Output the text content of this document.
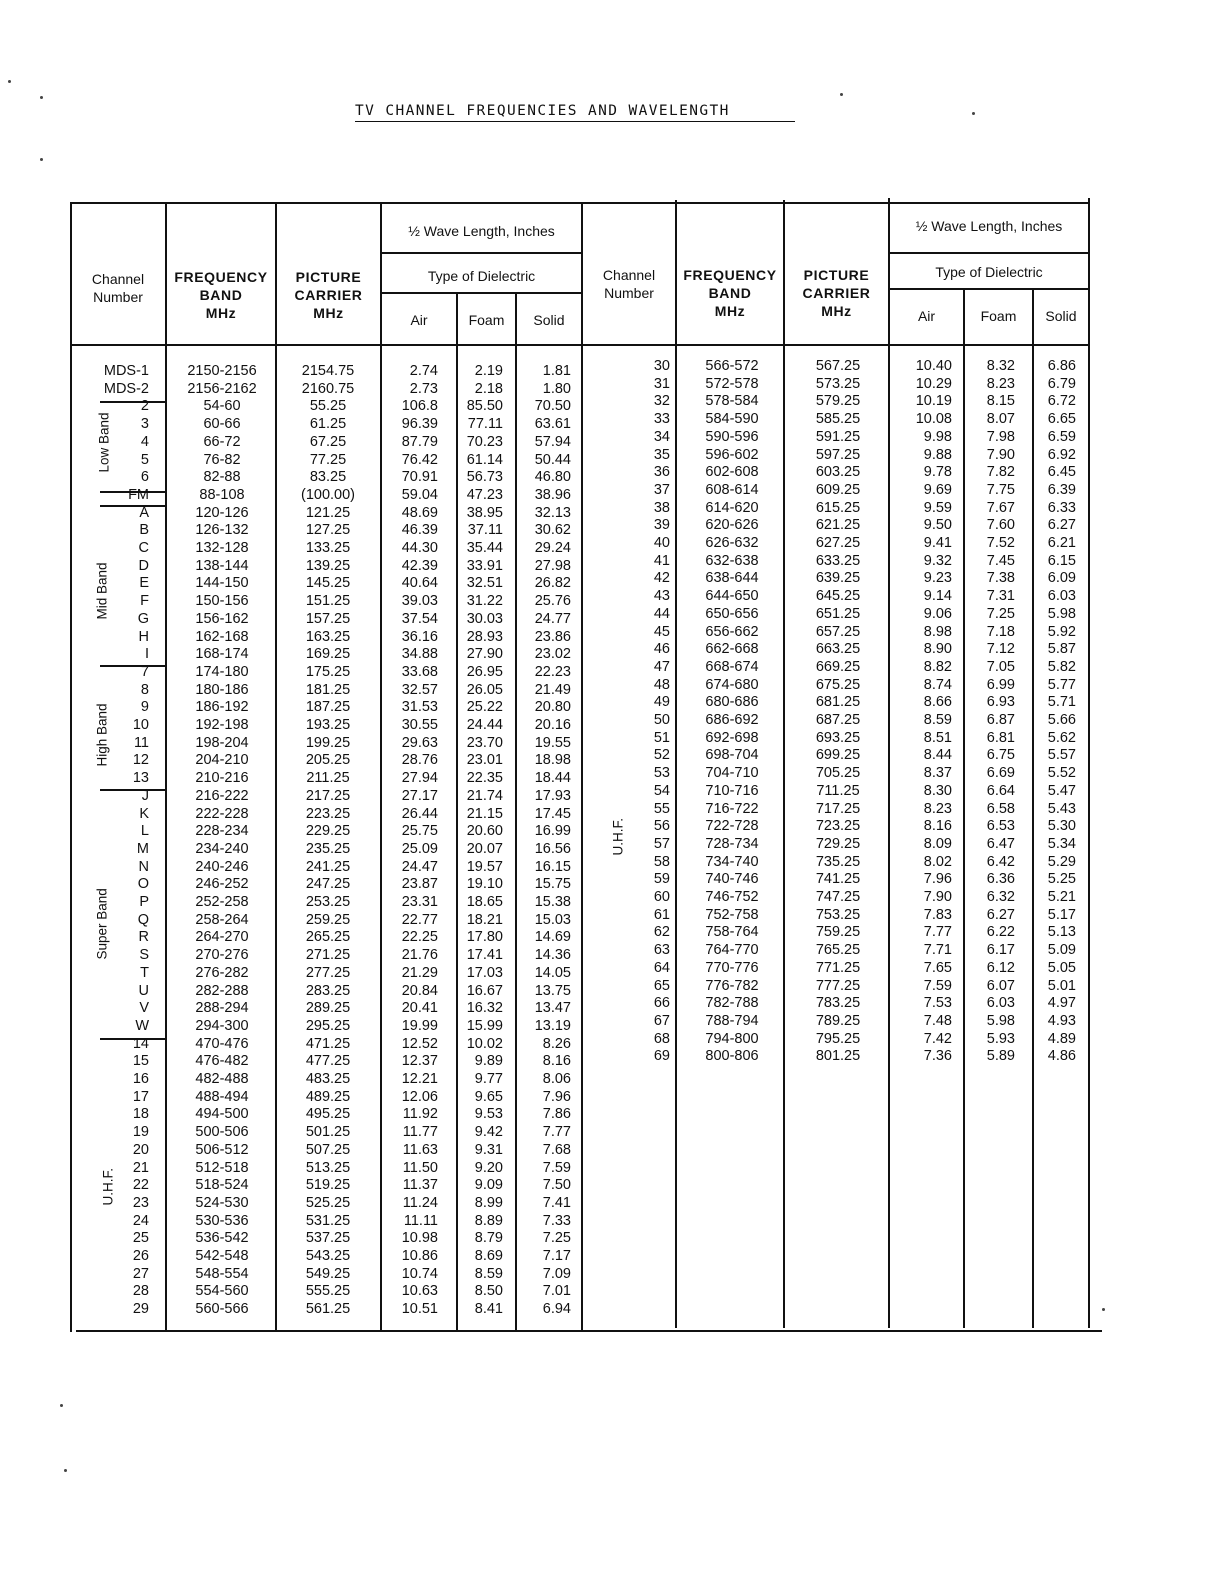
TV CHANNEL FREQUENCIES AND WAVELENGTH
Channel
Number
FREQUENCY
BAND
MHz
PICTURE
CARRIER
MHz
½ Wave Length, Inches
Type of Dielectric
Air	Foam	Solid
Channel
Number
FREQUENCY
BAND
MHz
PICTURE
CARRIER
MHz
½ Wave Length, Inches
Type of Dielectric
Air	Foam	Solid
Low Band
Mid Band
High Band
Super Band
U.H.F.
U.H.F.
MDS-1	2150-2156	2154.75	2.74	2.19	1.81
MDS-2	2156-2162	2160.75	2.73	2.18	1.80
2	54-60	55.25	106.8	85.50	70.50
3	60-66	61.25	96.39	77.11	63.61
4	66-72	67.25	87.79	70.23	57.94
5	76-82	77.25	76.42	61.14	50.44
6	82-88	83.25	70.91	56.73	46.80
FM	88-108	(100.00)	59.04	47.23	38.96
A	120-126	121.25	48.69	38.95	32.13
B	126-132	127.25	46.39	37.11	30.62
C	132-128	133.25	44.30	35.44	29.24
D	138-144	139.25	42.39	33.91	27.98
E	144-150	145.25	40.64	32.51	26.82
F	150-156	151.25	39.03	31.22	25.76
G	156-162	157.25	37.54	30.03	24.77
H	162-168	163.25	36.16	28.93	23.86
I	168-174	169.25	34.88	27.90	23.02
7	174-180	175.25	33.68	26.95	22.23
8	180-186	181.25	32.57	26.05	21.49
9	186-192	187.25	31.53	25.22	20.80
10	192-198	193.25	30.55	24.44	20.16
11	198-204	199.25	29.63	23.70	19.55
12	204-210	205.25	28.76	23.01	18.98
13	210-216	211.25	27.94	22.35	18.44
J	216-222	217.25	27.17	21.74	17.93
K	222-228	223.25	26.44	21.15	17.45
L	228-234	229.25	25.75	20.60	16.99
M	234-240	235.25	25.09	20.07	16.56
N	240-246	241.25	24.47	19.57	16.15
O	246-252	247.25	23.87	19.10	15.75
P	252-258	253.25	23.31	18.65	15.38
Q	258-264	259.25	22.77	18.21	15.03
R	264-270	265.25	22.25	17.80	14.69
S	270-276	271.25	21.76	17.41	14.36
T	276-282	277.25	21.29	17.03	14.05
U	282-288	283.25	20.84	16.67	13.75
V	288-294	289.25	20.41	16.32	13.47
W	294-300	295.25	19.99	15.99	13.19
14	470-476	471.25	12.52	10.02	8.26
15	476-482	477.25	12.37	9.89	8.16
16	482-488	483.25	12.21	9.77	8.06
17	488-494	489.25	12.06	9.65	7.96
18	494-500	495.25	11.92	9.53	7.86
19	500-506	501.25	11.77	9.42	7.77
20	506-512	507.25	11.63	9.31	7.68
21	512-518	513.25	11.50	9.20	7.59
22	518-524	519.25	11.37	9.09	7.50
23	524-530	525.25	11.24	8.99	7.41
24	530-536	531.25	11.11	8.89	7.33
25	536-542	537.25	10.98	8.79	7.25
26	542-548	543.25	10.86	8.69	7.17
27	548-554	549.25	10.74	8.59	7.09
28	554-560	555.25	10.63	8.50	7.01
29	560-566	561.25	10.51	8.41	6.94
30	566-572	567.25	10.40	8.32	6.86
31	572-578	573.25	10.29	8.23	6.79
32	578-584	579.25	10.19	8.15	6.72
33	584-590	585.25	10.08	8.07	6.65
34	590-596	591.25	9.98	7.98	6.59
35	596-602	597.25	9.88	7.90	6.92
36	602-608	603.25	9.78	7.82	6.45
37	608-614	609.25	9.69	7.75	6.39
38	614-620	615.25	9.59	7.67	6.33
39	620-626	621.25	9.50	7.60	6.27
40	626-632	627.25	9.41	7.52	6.21
41	632-638	633.25	9.32	7.45	6.15
42	638-644	639.25	9.23	7.38	6.09
43	644-650	645.25	9.14	7.31	6.03
44	650-656	651.25	9.06	7.25	5.98
45	656-662	657.25	8.98	7.18	5.92
46	662-668	663.25	8.90	7.12	5.87
47	668-674	669.25	8.82	7.05	5.82
48	674-680	675.25	8.74	6.99	5.77
49	680-686	681.25	8.66	6.93	5.71
50	686-692	687.25	8.59	6.87	5.66
51	692-698	693.25	8.51	6.81	5.62
52	698-704	699.25	8.44	6.75	5.57
53	704-710	705.25	8.37	6.69	5.52
54	710-716	711.25	8.30	6.64	5.47
55	716-722	717.25	8.23	6.58	5.43
56	722-728	723.25	8.16	6.53	5.30
57	728-734	729.25	8.09	6.47	5.34
58	734-740	735.25	8.02	6.42	5.29
59	740-746	741.25	7.96	6.36	5.25
60	746-752	747.25	7.90	6.32	5.21
61	752-758	753.25	7.83	6.27	5.17
62	758-764	759.25	7.77	6.22	5.13
63	764-770	765.25	7.71	6.17	5.09
64	770-776	771.25	7.65	6.12	5.05
65	776-782	777.25	7.59	6.07	5.01
66	782-788	783.25	7.53	6.03	4.97
67	788-794	789.25	7.48	5.98	4.93
68	794-800	795.25	7.42	5.93	4.89
69	800-806	801.25	7.36	5.89	4.86
